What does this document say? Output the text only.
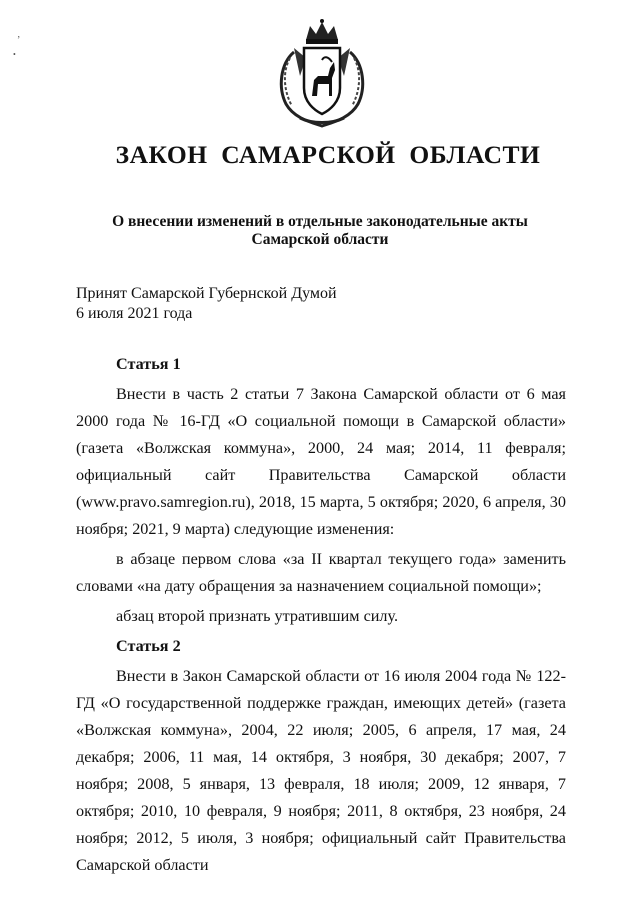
’
•
ЗАКОН  САМАРСКОЙ  ОБЛАСТИ
О внесении изменений в отдельные законодательные акты
Самарской области
Принят Самарской Губернской Думой
6 июля 2021 года
Статья 1

Внести в часть 2 статьи 7 Закона Самарской области от 6 мая 2000 года № 16-ГД «О социальной помощи в Самарской области» (газета «Волжская коммуна», 2000, 24 мая; 2014, 11 февраля; официальный сайт Правительства Самарской области (www.pravo.samregion.ru), 2018, 15 марта, 5 октября; 2020, 6 апреля, 30 ноября; 2021, 9 марта) следующие изменения:

в абзаце первом слова «за II квартал текущего года» заменить словами «на дату обращения за назначением социальной помощи»;

абзац второй признать утратившим силу.

Статья 2

Внести в Закон Самарской области от 16 июля 2004 года № 122-ГД «О государственной поддержке граждан, имеющих детей» (газета «Волжская коммуна», 2004, 22 июля; 2005, 6 апреля, 17 мая, 24 декабря; 2006, 11 мая, 14 октября, 3 ноября, 30 декабря; 2007, 7 ноября; 2008, 5 января, 13 февраля, 18 июля; 2009, 12 января, 7 октября; 2010, 10 февраля, 9 ноября; 2011, 8 октября, 23 ноября, 24 ноября; 2012, 5 июля, 3 ноября; официальный сайт Правительства Самарской области
